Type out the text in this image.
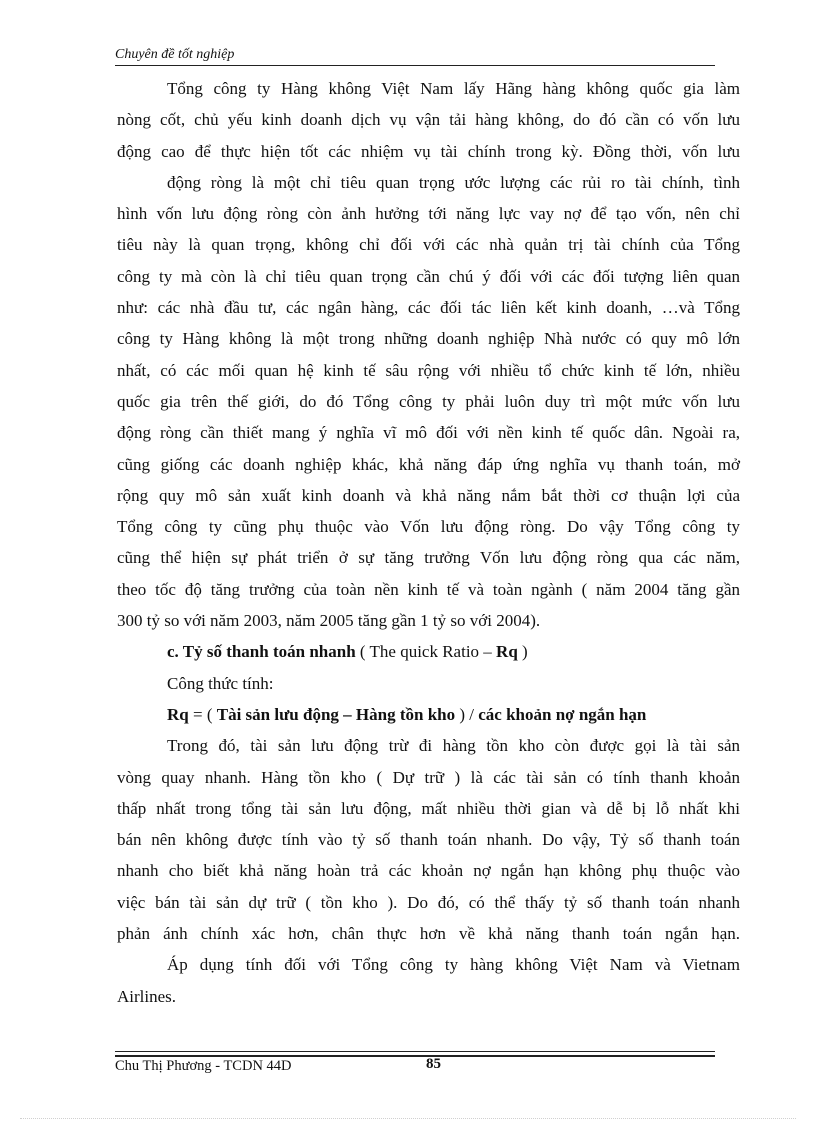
Chuyên đề tốt nghiệp
Tổng công ty Hàng không Việt Nam lấy Hãng hàng không quốc gia làm
nòng cốt, chủ yếu kinh doanh dịch vụ vận tải hàng không, do đó cần có vốn lưu
động cao để thực hiện tốt các nhiệm vụ tài chính trong kỳ. Đồng thời, vốn lưu
động ròng là một chỉ tiêu quan trọng ước lượng các rủi ro tài chính, tình
hình vốn lưu động ròng còn ảnh hưởng tới năng lực vay nợ để tạo vốn, nên chỉ
tiêu này là quan trọng, không chỉ đối với các nhà quản trị tài chính của Tổng
công ty mà còn là chỉ tiêu quan trọng cần chú ý đối với các đối tượng liên quan
như: các nhà đầu tư, các ngân hàng, các đối tác liên kết kinh doanh, …và Tổng
công ty Hàng không là một trong những doanh nghiệp Nhà nước có quy mô lớn
nhất, có các mối quan hệ kinh tế sâu rộng với nhiều tổ chức kinh tế lớn, nhiều
quốc gia trên thế giới, do đó Tổng công ty phải luôn duy trì một mức vốn lưu
động ròng cần thiết mang ý nghĩa vĩ mô đối với nền kinh tế quốc dân. Ngoài ra,
cũng giống các doanh nghiệp khác, khả năng đáp ứng nghĩa vụ thanh toán, mở
rộng quy mô sản xuất kinh doanh và khả năng nắm bắt thời cơ thuận lợi của
Tổng công ty cũng phụ thuộc vào Vốn lưu động ròng. Do vậy Tổng công ty
cũng thể hiện sự phát triển ở sự tăng trưởng Vốn lưu động ròng qua các năm,
theo tốc độ tăng trưởng của toàn nền kinh tế và toàn ngành ( năm 2004 tăng gần
300 tỷ so với năm 2003, năm 2005 tăng gần 1 tỷ so với 2004).
c. Tỷ số thanh toán nhanh ( The quick Ratio – Rq )
Công thức tính:
Rq = ( Tài sản lưu động – Hàng tồn kho ) / các khoản nợ ngắn hạn
Trong đó, tài sản lưu động trừ đi hàng tồn kho còn được gọi là tài sản
vòng quay nhanh. Hàng tồn kho ( Dự trữ ) là các tài sản có tính thanh khoản
thấp nhất trong tổng tài sản lưu động, mất nhiều thời gian và dễ bị lỗ nhất khi
bán nên không được tính vào tỷ số thanh toán nhanh. Do vậy, Tỷ số thanh toán
nhanh cho biết khả năng hoàn trả các khoản nợ ngắn hạn không phụ thuộc vào
việc bán tài sản dự trữ ( tồn kho ). Do đó, có thể thấy tỷ số thanh toán nhanh
phản ánh chính xác hơn, chân thực hơn về khả năng thanh toán ngắn hạn.
Áp dụng tính đối với Tổng công ty hàng không Việt Nam và Vietnam
Airlines.
Chu Thị Phương - TCDN 44D	85
